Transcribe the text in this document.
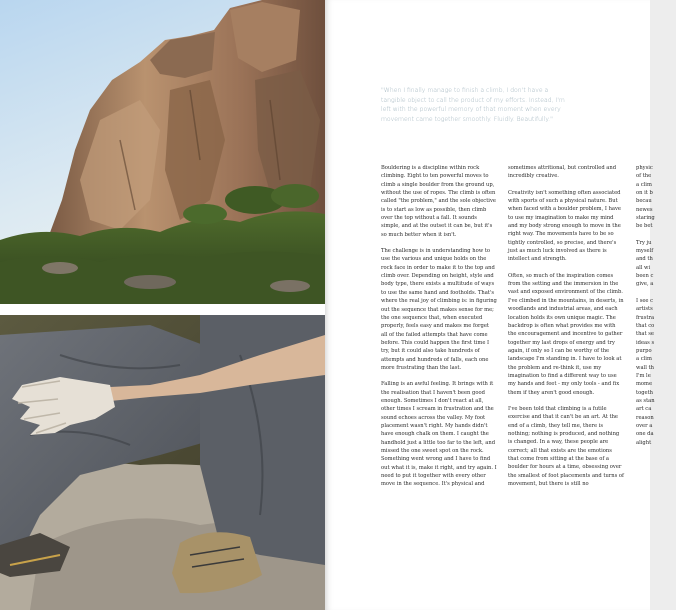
"When I finally manage to finish a climb, I don't have a tangible object to call the product of my efforts. Instead, I'm left with the powerful memory of that moment when every movement came together smoothly. Fluidly. Beautifully."

Bouldering is a discipline within rock climbing. Eight to ten powerful moves to climb a single boulder from the ground up, without the use of ropes. The climb is often called "the problem," and the sole objective is to start as low as possible, then climb over the top without a fall. It sounds simple, and at the outset it can be, but it's so much better when it isn't.

The challenge is in understanding how to use the various and unique holds on the rock face in order to make it to the top and climb over. Depending on height, style and body type, there exists a multitude of ways to use the same hand and footholds. That's where the real joy of climbing is: in figuring out the sequence that makes sense for me; the one sequence that, when executed properly, feels easy and makes me forget all of the failed attempts that have come before. This could happen the first time I try, but it could also take hundreds of attempts and hundreds of falls, each one more frustrating than the last.

Falling is an awful feeling. It brings with it the realisation that I haven't been good enough. Sometimes I don't react at all, other times I scream in frustration and the sound echoes across the valley. My foot placement wasn't right. My hands didn't have enough chalk on them. I caught the handhold just a little too far to the left, and missed the one sweet spot on the rock. Something went wrong and I have to find out what it is, make it right, and try again. I need to put it together with every other move in the sequence. It's physical and

sometimes attritional, but controlled and incredibly creative.

Creativity isn't something often associated with sports of such a physical nature. But when faced with a boulder problem, I have to use my imagination to make my mind and my body strong enough to move in the right way. The movements have to be so tightly controlled, so precise, and there's just as much luck involved as there is intellect and strength.

Often, so much of the inspiration comes from the setting and the immersion in the vast and exposed environment of the climb. I've climbed in the mountains, in deserts, in woodlands and industrial areas, and each location holds its own unique magic. The backdrop is often what provides me with the encouragement and incentive to gather together my last drops of energy and try again, if only so I can be worthy of the landscape I'm standing in. I have to look at the problem and re-think it, use my imagination to find a different way to use my hands and feet - my only tools - and fix them if they aren't good enough.

I've been told that climbing is a futile exercise and that it can't be an art. At the end of a climb, they tell me, there is nothing; nothing is produced, and nothing is changed. In a way, these people are correct; all that exists are the emotions that come from sitting at the base of a boulder for hours at a time, obsessing over the smallest of foot placements and turns of movement, but there is still no

physic
of the
a clim
on it b
becau
newes
staring
be bet

Try ju
myself
and th
all wi
been c
give, a

I see c
artists
frustra
that co
that se
ideas s
purpo
a clim
wall th
I'm le
mome
togeth
as stan
art ca
reason
over a
one da
alight
